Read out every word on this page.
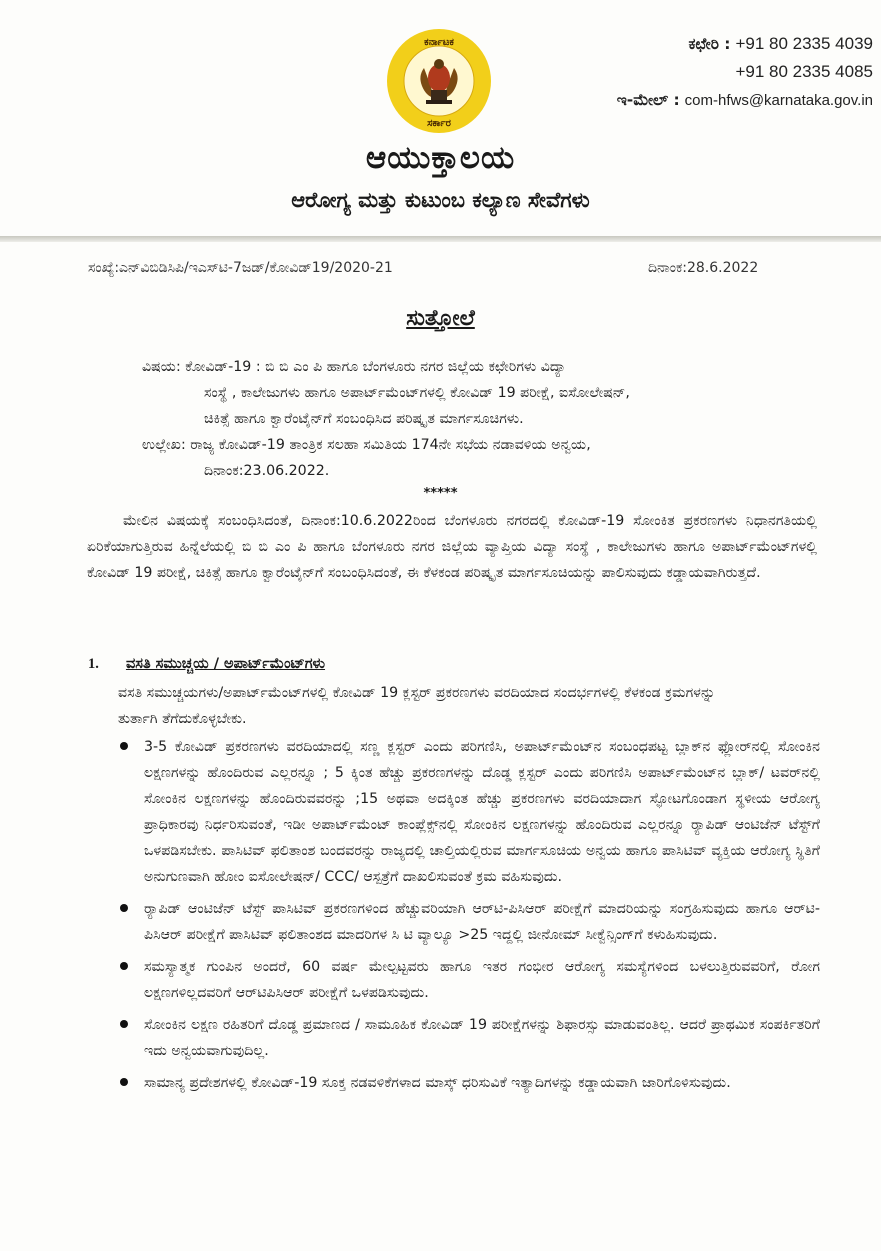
ಕರ್ನಾಟಕ
ಸರ್ಕಾರ
ಕಛೇರಿ : +91 80 2335 4039
+91 80 2335 4085
ಇ-ಮೇಲ್ : com-hfws@karnataka.gov.in
ಆಯುಕ್ತಾಲಯ
ಆರೋಗ್ಯ ಮತ್ತು ಕುಟುಂಬ ಕಲ್ಯಾಣ ಸೇವೆಗಳು
ಸಂಖ್ಯೆ:ಎನ್‌ವಿಬಿಡಿಸಿಪಿ/ಇಎಸ್‌ಟಿ-7ಜಡ್/ಕೋವಿಡ್19/2020-21	ದಿನಾಂಕ:28.6.2022
ಸುತ್ತೋಲೆ
ವಿಷಯ: ಕೋವಿಡ್-19 : ಬಿ ಬಿ ಎಂ ಪಿ ಹಾಗೂ ಬೆಂಗಳೂರು ನಗರ ಜಿಲ್ಲೆಯ ಕಛೇರಿಗಳು ವಿದ್ಯಾ
ಸಂಸ್ಥೆ , ಕಾಲೇಜುಗಳು ಹಾಗೂ ಅಪಾರ್ಟ್‌ಮೆಂಟ್‌ಗಳಲ್ಲಿ ಕೋವಿಡ್ 19 ಪರೀಕ್ಷೆ, ಐಸೋಲೇಷನ್,
ಚಿಕಿತ್ಸೆ ಹಾಗೂ ಕ್ವಾರೆಂಟೈನ್‌ಗೆ ಸಂಬಂಧಿಸಿದ ಪರಿಷ್ಕೃತ ಮಾರ್ಗಸೂಚಿಗಳು.
ಉಲ್ಲೇಖ: ರಾಜ್ಯ ಕೋವಿಡ್-19 ತಾಂತ್ರಿಕ ಸಲಹಾ ಸಮಿತಿಯ 174ನೇ ಸಭೆಯ ನಡಾವಳಿಯ ಅನ್ವಯ,
ದಿನಾಂಕ:23.06.2022.
*****
ಮೇಲಿನ ವಿಷಯಕ್ಕೆ ಸಂಬಂಧಿಸಿದಂತೆ, ದಿನಾಂಕ:10.6.2022ರಿಂದ ಬೆಂಗಳೂರು ನಗರದಲ್ಲಿ ಕೋವಿಡ್-19 ಸೋಂಕಿತ ಪ್ರಕರಣಗಳು ನಿಧಾನಗತಿಯಲ್ಲಿ ಏರಿಕೆಯಾಗುತ್ತಿರುವ ಹಿನ್ನೆಲೆಯಲ್ಲಿ ಬಿ ಬಿ ಎಂ ಪಿ ಹಾಗೂ ಬೆಂಗಳೂರು ನಗರ ಜಿಲ್ಲೆಯ ವ್ಯಾಪ್ತಿಯ ವಿದ್ಯಾ ಸಂಸ್ಥೆ , ಕಾಲೇಜುಗಳು ಹಾಗೂ ಅಪಾರ್ಟ್‌ಮೆಂಟ್‌ಗಳಲ್ಲಿ ಕೋವಿಡ್ 19 ಪರೀಕ್ಷೆ, ಚಿಕಿತ್ಸೆ ಹಾಗೂ ಕ್ವಾರೆಂಟೈನ್‌ಗೆ ಸಂಬಂಧಿಸಿದಂತೆ, ಈ ಕೆಳಕಂಡ ಪರಿಷ್ಕೃತ ಮಾರ್ಗಸೂಚಿಯನ್ನು ಪಾಲಿಸುವುದು ಕಡ್ಡಾಯವಾಗಿರುತ್ತದೆ.
1. ವಸತಿ ಸಮುಚ್ಚಯ / ಅಪಾರ್ಟ್‌ಮೆಂಟ್‌ಗಳು
ವಸತಿ ಸಮುಚ್ಚಯಗಳು/ಅಪಾರ್ಟ್‌ಮೆಂಟ್‌ಗಳಲ್ಲಿ ಕೋವಿಡ್ 19 ಕ್ಲಸ್ಟರ್ ಪ್ರಕರಣಗಳು ವರದಿಯಾದ ಸಂದರ್ಭಗಳಲ್ಲಿ ಕೆಳಕಂಡ ಕ್ರಮಗಳನ್ನು ತುರ್ತಾಗಿ ತೆಗೆದುಕೊಳ್ಳಬೇಕು.
3-5 ಕೋವಿಡ್ ಪ್ರಕರಣಗಳು ವರದಿಯಾದಲ್ಲಿ ಸಣ್ಣ ಕ್ಲಸ್ಟರ್ ಎಂದು ಪರಿಗಣಿಸಿ, ಅಪಾರ್ಟ್‌ಮೆಂಟ್‌ನ ಸಂಬಂಧಪಟ್ಟ ಬ್ಲಾಕ್‌ನ ಫ್ಲೋರ್‌ನಲ್ಲಿ ಸೋಂಕಿನ ಲಕ್ಷಣಗಳನ್ನು ಹೊಂದಿರುವ ಎಲ್ಲರನ್ನೂ ; 5 ಕ್ಕಿಂತ ಹೆಚ್ಚು ಪ್ರಕರಣಗಳನ್ನು ದೊಡ್ಡ ಕ್ಲಸ್ಟರ್ ಎಂದು ಪರಿಗಣಿಸಿ ಅಪಾರ್ಟ್‌ಮೆಂಟ್‌ನ ಬ್ಲಾಕ್/ ಟವರ್‌ನಲ್ಲಿ ಸೋಂಕಿನ ಲಕ್ಷಣಗಳನ್ನು ಹೊಂದಿರುವವರನ್ನು ;15 ಅಥವಾ ಅದಕ್ಕಿಂತ ಹೆಚ್ಚು ಪ್ರಕರಣಗಳು ವರದಿಯಾದಾಗ ಸ್ಫೋಟಗೊಂಡಾಗ ಸ್ಥಳೀಯ ಆರೋಗ್ಯ ಪ್ರಾಧಿಕಾರವು ನಿರ್ಧರಿಸುವಂತೆ, ಇಡೀ ಅಪಾರ್ಟ್‌ಮೆಂಟ್ ಕಾಂಪ್ಲೆಕ್ಸ್‌ನಲ್ಲಿ ಸೋಂಕಿನ ಲಕ್ಷಣಗಳನ್ನು ಹೊಂದಿರುವ ಎಲ್ಲರನ್ನೂ ರ್‍ಯಾಪಿಡ್ ಆಂಟಿಜೆನ್ ಟೆಸ್ಟ್‌ಗೆ ಒಳಪಡಿಸಬೇಕು. ಪಾಸಿಟಿವ್ ಫಲಿತಾಂಶ ಬಂದವರನ್ನು ರಾಜ್ಯದಲ್ಲಿ ಚಾಲ್ತಿಯಲ್ಲಿರುವ ಮಾರ್ಗಸೂಚಿಯ ಅನ್ವಯ ಹಾಗೂ ಪಾಸಿಟಿವ್ ವ್ಯಕ್ತಿಯ ಆರೋಗ್ಯ ಸ್ಥಿತಿಗೆ ಅನುಗುಣವಾಗಿ ಹೋಂ ಐಸೋಲೇಷನ್/ CCC/ ಆಸ್ಪತ್ರೆಗೆ ದಾಖಲಿಸುವಂತೆ ಕ್ರಮ ವಹಿಸುವುದು.
ರ್‍ಯಾಪಿಡ್ ಆಂಟಿಜೆನ್ ಟೆಸ್ಟ್ ಪಾಸಿಟಿವ್ ಪ್ರಕರಣಗಳಿಂದ ಹೆಚ್ಚುವರಿಯಾಗಿ ಆರ್‌ಟಿ-ಪಿಸಿಆರ್ ಪರೀಕ್ಷೆಗೆ ಮಾದರಿಯನ್ನು ಸಂಗ್ರಹಿಸುವುದು ಹಾಗೂ ಆರ್‌ಟಿ-ಪಿಸಿಆರ್ ಪರೀಕ್ಷೆಗೆ ಪಾಸಿಟಿವ್ ಫಲಿತಾಂಶದ ಮಾದರಿಗಳ ಸಿ ಟಿ ವ್ಯಾಲ್ಯೂ >25 ಇದ್ದಲ್ಲಿ ಜೀನೋಮ್ ಸೀಕ್ವೆನ್ಸಿಂಗ್‌ಗೆ ಕಳುಹಿಸುವುದು.
ಸಮಸ್ಯಾತ್ಮಕ ಗುಂಪಿನ ಅಂದರೆ, 60 ವರ್ಷ ಮೇಲ್ಪಟ್ಟವರು ಹಾಗೂ ಇತರ ಗಂಭೀರ ಆರೋಗ್ಯ ಸಮಸ್ಯೆಗಳಿಂದ ಬಳಲುತ್ತಿರುವವರಿಗೆ, ರೋಗ ಲಕ್ಷಣಗಳಿಲ್ಲದವರಿಗೆ ಆರ್‌ಟಿಪಿಸಿಆರ್ ಪರೀಕ್ಷೆಗೆ ಒಳಪಡಿಸುವುದು.
ಸೋಂಕಿನ ಲಕ್ಷಣ ರಹಿತರಿಗೆ ದೊಡ್ಡ ಪ್ರಮಾಣದ / ಸಾಮೂಹಿಕ ಕೋವಿಡ್ 19 ಪರೀಕ್ಷೆಗಳನ್ನು ಶಿಫಾರಸ್ಸು ಮಾಡುವಂತಿಲ್ಲ. ಆದರೆ ಪ್ರಾಥಮಿಕ ಸಂಪರ್ಕಿತರಿಗೆ ಇದು ಅನ್ವಯವಾಗುವುದಿಲ್ಲ.
ಸಾಮಾನ್ಯ ಪ್ರದೇಶಗಳಲ್ಲಿ ಕೋವಿಡ್-19 ಸೂಕ್ತ ನಡವಳಿಕೆಗಳಾದ ಮಾಸ್ಕ್ ಧರಿಸುವಿಕೆ ಇತ್ಯಾದಿಗಳನ್ನು ಕಡ್ಡಾಯವಾಗಿ ಜಾರಿಗೊಳಿಸುವುದು.
